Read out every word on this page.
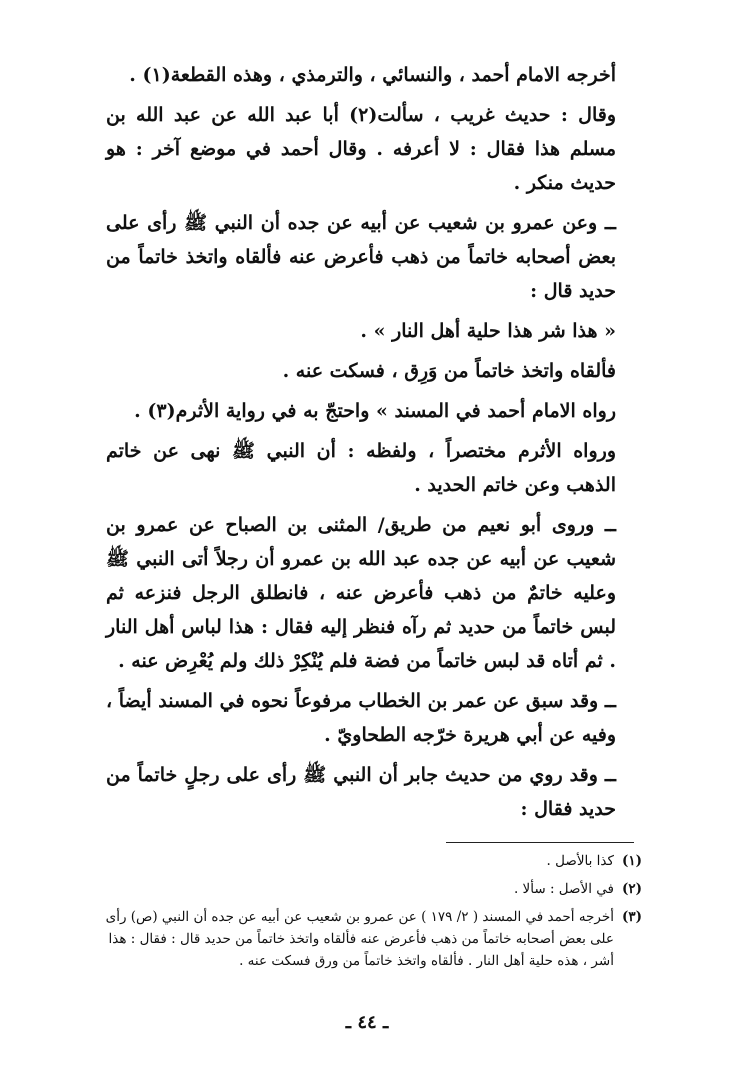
أخرجه الامام أحمد ، والنسائي ، والترمذي ، وهذه القطعة(١) .

وقال : حديث غريب ، سألت(٢) أبا عبد الله عن عبد الله بن مسلم هذا فقال : لا أعرفه . وقال أحمد في موضع آخر : هو حديث منكر .

ــ وعن عمرو بن شعيب عن أبيه عن جده أن النبي ﷺ رأى على بعض أصحابه خاتماً من ذهب فأعرض عنه فألقاه واتخذ خاتماً من حديد قال :

« هذا شر هذا حلية أهل النار » .

فألقاه واتخذ خاتماً من وَرِق ، فسكت عنه .

رواه الامام أحمد في المسند » واحتجّ به في رواية الأثرم(٣) .

ورواه الأثرم مختصراً ، ولفظه : أن النبي ﷺ نهى عن خاتم الذهب وعن خاتم الحديد .

ــ وروى أبو نعيم من طريق/ المثنى بن الصباح عن عمرو بن شعيب عن أبيه عن جده عبد الله بن عمرو أن رجلاً أتى النبي ﷺ وعليه خاتمٌ من ذهب فأعرض عنه ، فانطلق الرجل فنزعه ثم لبس خاتماً من حديد ثم رآه فنظر إليه فقال : هذا لباس أهل النار . ثم أتاه قد لبس خاتماً من فضة فلم يُنْكِرْ ذلك ولم يُعْرِض عنه .

ــ وقد سبق عن عمر بن الخطاب مرفوعاً نحوه في المسند أيضاً ، وفيه عن أبي هريرة خرّجه الطحاويّ .

ــ وقد روي من حديث جابر أن النبي ﷺ رأى على رجلٍ خاتماً من حديد فقال :

(١)
كذا بالأصل .
(٢)
في الأصل : سألا .
(٣)
أخرجه أحمد في المسند ( ٢/ ١٧٩ ) عن عمرو بن شعيب عن أبيه عن جده أن النبي (ص) رأى على بعض أصحابه خاتماً من ذهب فأعرض عنه فألقاه واتخذ خاتماً من حديد قال : فقال : هذا أشر ، هذه حلية أهل النار . فألقاه واتخذ خاتماً من ورق فسكت عنه .
ـ ٤٤ ـ
